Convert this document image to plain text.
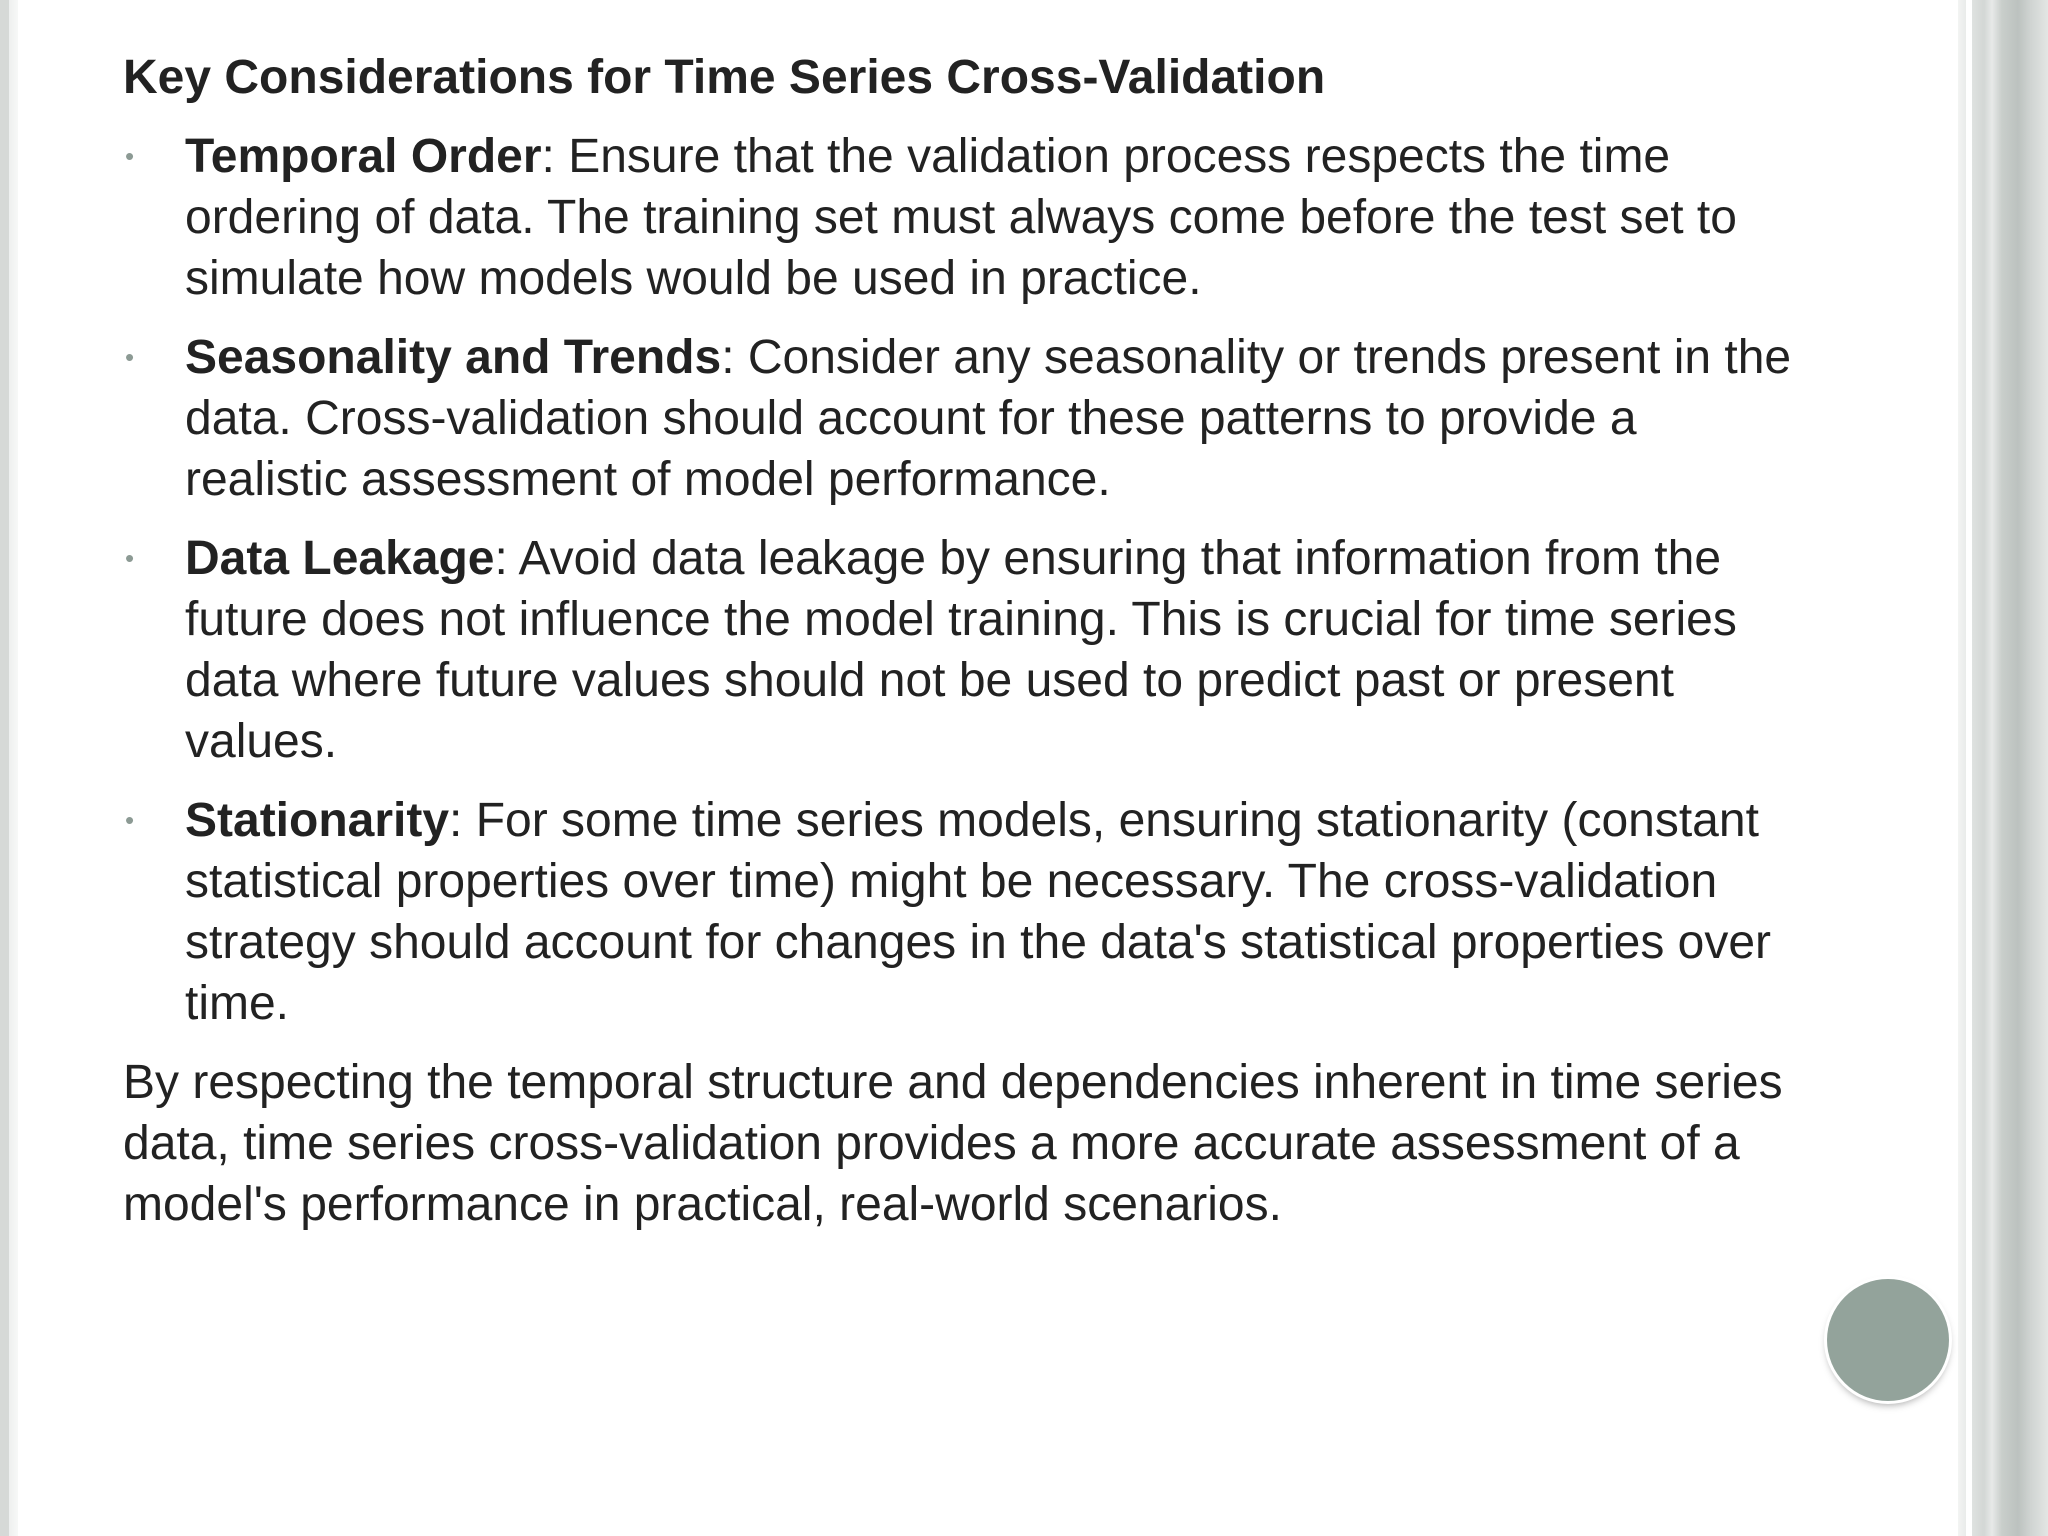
Key Considerations for Time Series Cross-Validation
• Temporal Order: Ensure that the validation process respects the time ordering of data. The training set must always come before the test set to simulate how models would be used in practice.
• Seasonality and Trends: Consider any seasonality or trends present in the data. Cross-validation should account for these patterns to provide a realistic assessment of model performance.
• Data Leakage: Avoid data leakage by ensuring that information from the future does not influence the model training. This is crucial for time series data where future values should not be used to predict past or present values.
• Stationarity: For some time series models, ensuring stationarity (constant statistical properties over time) might be necessary. The cross-validation strategy should account for changes in the data's statistical properties over time.

By respecting the temporal structure and dependencies inherent in time series data, time series cross-validation provides a more accurate assessment of a model's performance in practical, real-world scenarios.
